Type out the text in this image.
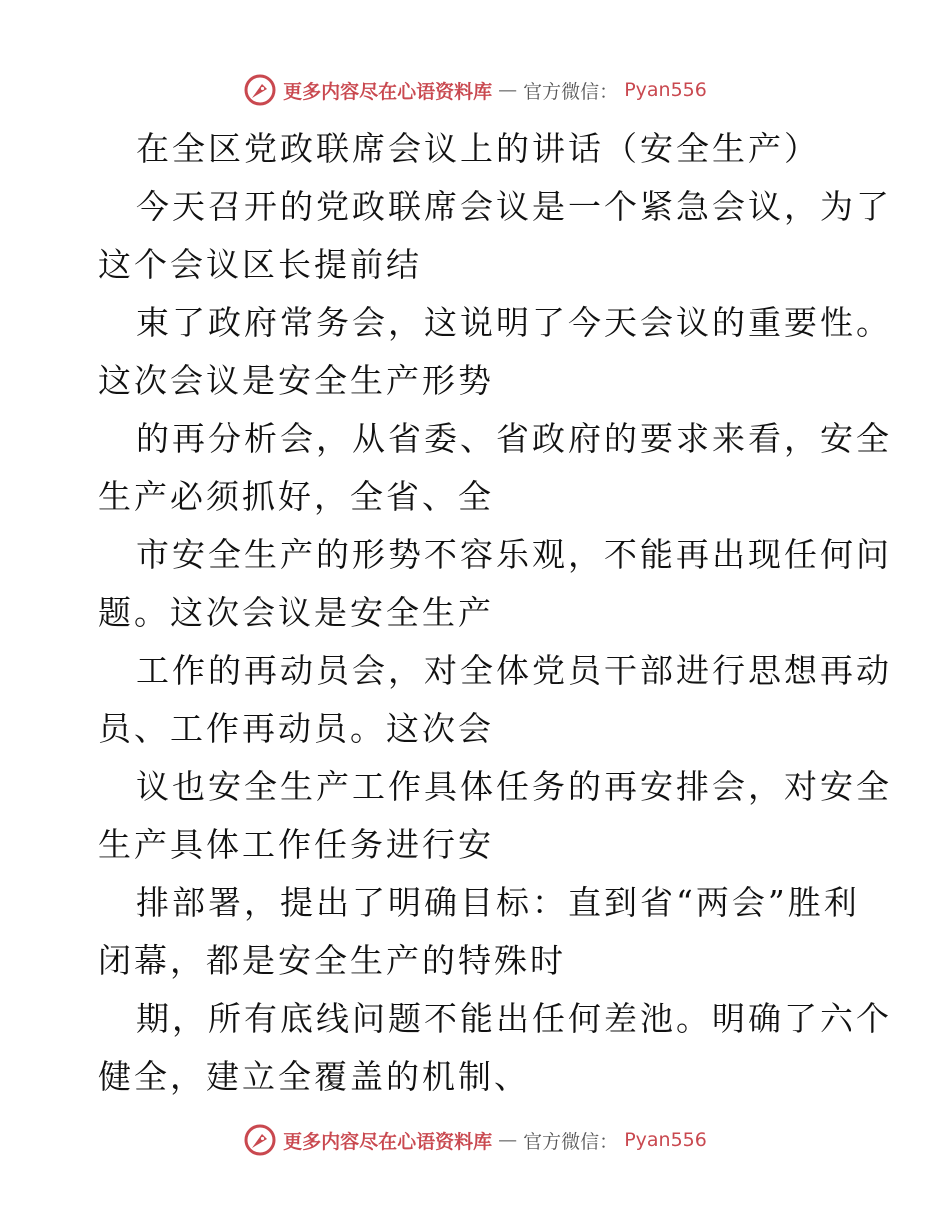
更多内容尽在心语资料库 — 官方微信： Pyan556

在全区党政联席会议上的讲话（安全生产）

今天召开的党政联席会议是一个紧急会议，为了

这个会议区长提前结

束了政府常务会，这说明了今天会议的重要性。

这次会议是安全生产形势

的再分析会，从省委、省政府的要求来看，安全

生产必须抓好，全省、全

市安全生产的形势不容乐观，不能再出现任何问

题。这次会议是安全生产

工作的再动员会，对全体党员干部进行思想再动

员、工作再动员。这次会

议也安全生产工作具体任务的再安排会，对安全

生产具体工作任务进行安

排部署，提出了明确目标：直到省“两会”胜利

闭幕，都是安全生产的特殊时

期，所有底线问题不能出任何差池。明确了六个

健全，建立全覆盖的机制、

更多内容尽在心语资料库 — 官方微信： Pyan556
